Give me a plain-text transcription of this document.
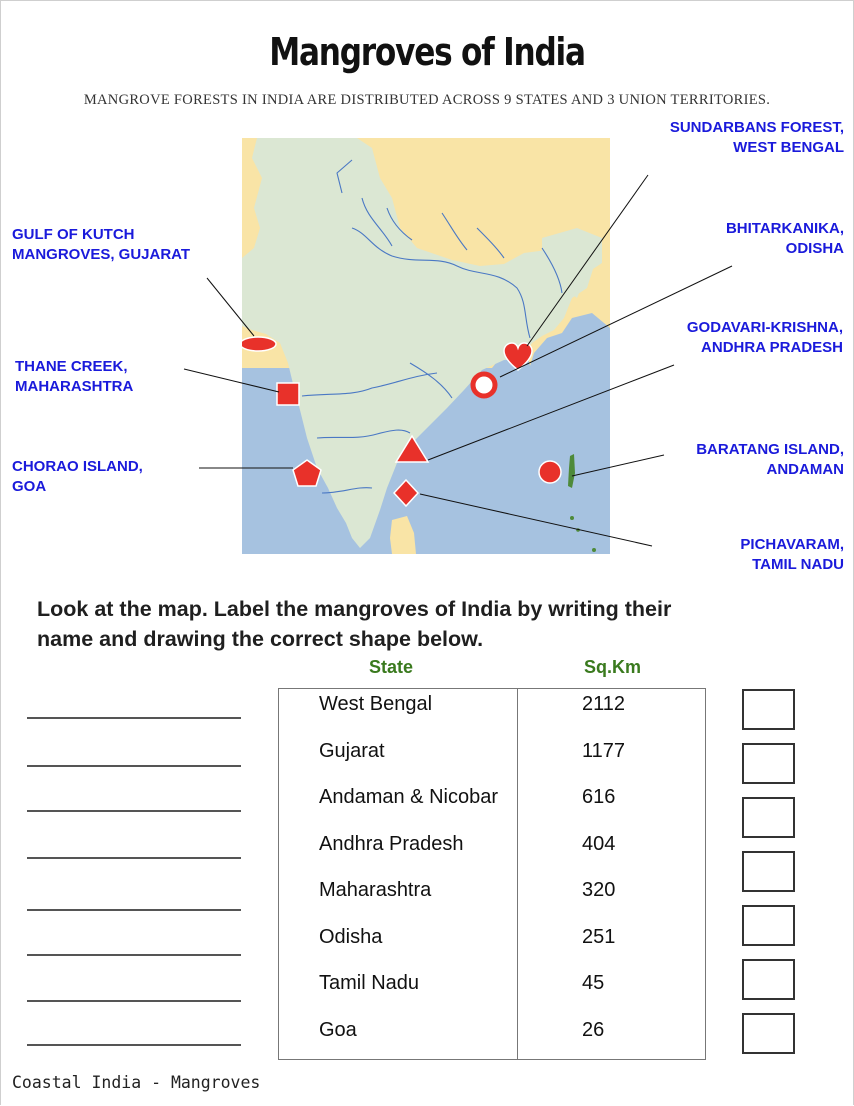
Mangroves of India
MANGROVE FORESTS IN INDIA ARE DISTRIBUTED ACROSS 9 STATES AND 3 UNION TERRITORIES.
GULF OF KUTCH
MANGROVES, GUJARAT
THANE CREEK,
MAHARASHTRA
CHORAO ISLAND,
GOA
SUNDARBANS FOREST,
WEST BENGAL
BHITARKANIKA,
ODISHA
GODAVARI-KRISHNA,
ANDHRA PRADESH
BARATANG ISLAND,
ANDAMAN
PICHAVARAM,
TAMIL NADU
Look at the map. Label the mangroves of India by writing their
name and drawing the correct shape below.
State	Sq.Km
West Bengal	2112
Gujarat	1177
Andaman & Nicobar	616
Andhra Pradesh	404
Maharashtra	320
Odisha	251
Tamil Nadu	45
Goa	26
Coastal India - Mangroves
